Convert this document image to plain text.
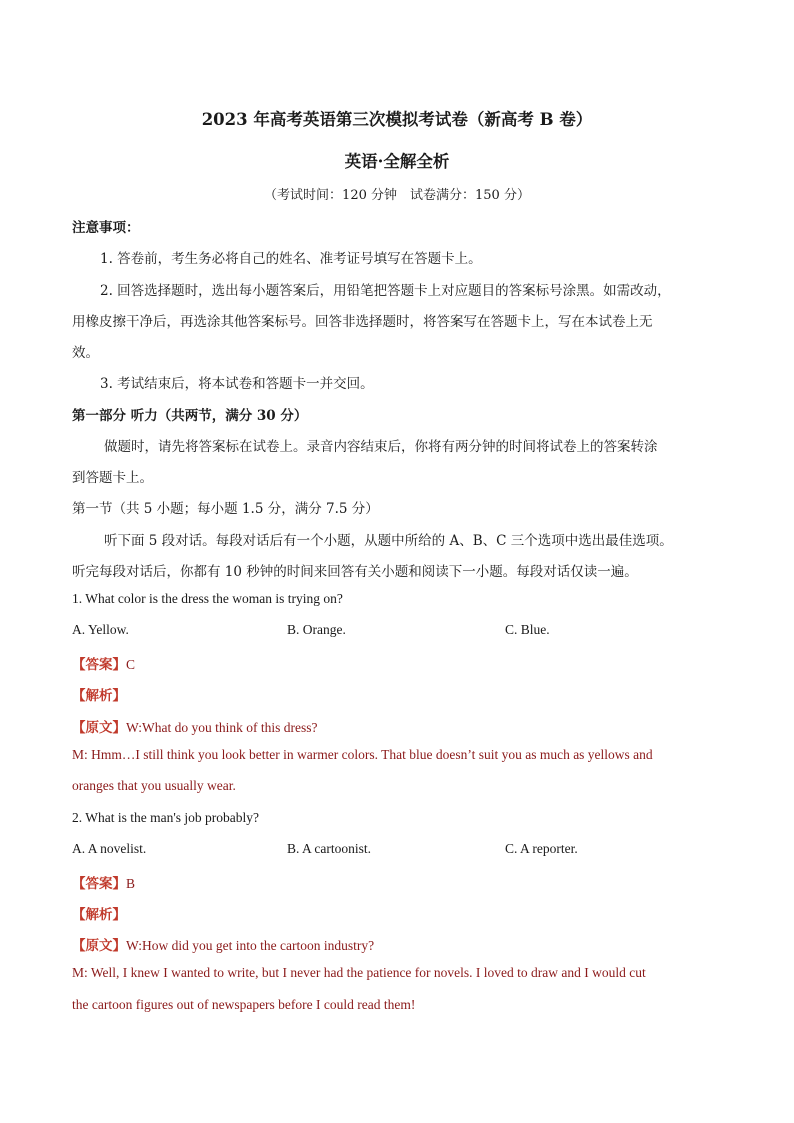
2023 年高考英语第三次模拟考试卷（新高考 B 卷）
英语·全解全析
（考试时间：120 分钟　试卷满分：150 分）
注意事项：
1. 答卷前，考生务必将自己的姓名、准考证号填写在答题卡上。
2. 回答选择题时，选出每小题答案后，用铅笔把答题卡上对应题目的答案标号涂黑。如需改动，
用橡皮擦干净后，再选涂其他答案标号。回答非选择题时，将答案写在答题卡上，写在本试卷上无
效。
3. 考试结束后，将本试卷和答题卡一并交回。
第一部分 听力（共两节，满分 30 分）
做题时，请先将答案标在试卷上。录音内容结束后，你将有两分钟的时间将试卷上的答案转涂
到答题卡上。
第一节（共 5 小题；每小题 1.5 分，满分 7.5 分）
听下面 5 段对话。每段对话后有一个小题，从题中所给的 A、B、C 三个选项中选出最佳选项。
听完每段对话后，你都有 10 秒钟的时间来回答有关小题和阅读下一小题。每段对话仅读一遍。
1. What color is the dress the woman is trying on?
A. Yellow.	B. Orange.	C. Blue.
【答案】C
【解析】
【原文】W:What do you think of this dress?
M: Hmm…I still think you look better in warmer colors. That blue doesn’t suit you as much as yellows and
oranges that you usually wear.
2. What is the man's job probably?
A. A novelist.	B. A cartoonist.	C. A reporter.
【答案】B
【解析】
【原文】W:How did you get into the cartoon industry?
M: Well, I knew I wanted to write, but I never had the patience for novels. I loved to draw and I would cut
the cartoon figures out of newspapers before I could read them!
